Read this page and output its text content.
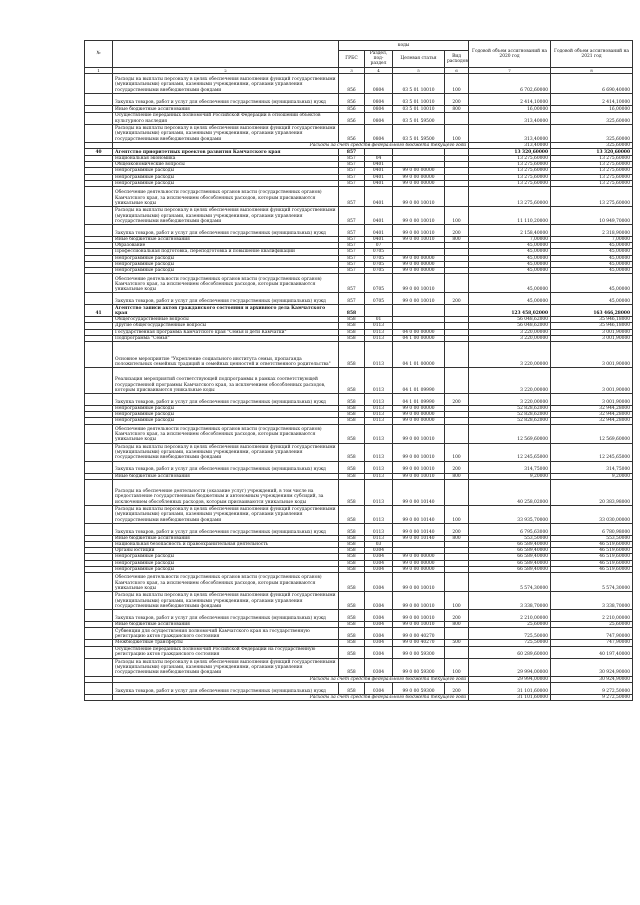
№		коды				Годовой объем ассигнований на 2020 год	Годовой объем ассигнований на 2021 год
		ГРБС	Раздел, под-раздел	Целевая статья	Вид расходов		
1	2	3	4	5	6	7	8
	Расходы на выплаты персоналу в целях обеспечения выполнения функций государственными (муниципальными) органами, казенными учреждениями, органами управления государственными внебюджетными фондами	856	0804	03 5 01 10010	100	6 702,60000	6 690,40000
	Закупка товаров, работ и услуг для обеспечения государственных (муниципальных) нужд	856	0804	03 5 01 10010	200	2 414,10000	2 414,10000
	Иные бюджетные ассигнования	856	0804	03 5 01 10010	800	16,00000	16,00000
	Осуществление переданных полномочий Российской Федерации в отношении объектов культурного наследия	856	0804	03 5 01 59500		313,40000	325,60000
	Расходы на выплаты персоналу в целях обеспечения выполнения функций государственными (муниципальными) органами, казенными учреждениями, органами управления государственными внебюджетными фондами	856	0804	03 5 01 59500	100	313,40000	325,60000
	Расходы за счет средств федерального бюджета текущего года					313,40000	325,60000
40	Агентство приоритетных проектов развития Камчатского края	857				13 320,60000	13 320,60000
	Национальная экономика	857	04			13 275,60000	13 275,60000
	Общеэкономические вопросы	857	0401			13 275,60000	13 275,60000
	Непрограммные расходы	857	0401	99 0 00 00000		13 275,60000	13 275,60000
	Непрограммные расходы	857	0401	99 0 00 00000		13 275,60000	13 275,60000
	Непрограммные расходы	857	0401	99 0 00 00000		13 275,60000	13 275,60000
	Обеспечение деятельности государственных органов власти (государственных органов) Камчатского края, за исключением обособленных расходов, которым присваиваются уникальные коды	857	0401	99 0 00 10010		13 275,60000	13 275,60000
	Расходы на выплаты персоналу в целях обеспечения выполнения функций государственными (муниципальными) органами, казенными учреждениями, органами управления государственными внебюджетными фондами	857	0401	99 0 00 10010	100	11 110,20000	10 949,70000
	Закупка товаров, работ и услуг для обеспечения государственных (муниципальных) нужд	857	0401	99 0 00 10010	200	2 158,40000	2 318,90000
	Иные бюджетные ассигнования	857	0401	99 0 00 10010	800	7,00000	7,00000
	Образование	857	07			45,00000	45,00000
	Профессиональная подготовка, переподготовка и повышение квалификации	857	0705			45,00000	45,00000
	Непрограммные расходы	857	0705	99 0 00 00000		45,00000	45,00000
	Непрограммные расходы	857	0705	99 0 00 00000		45,00000	45,00000
	Непрограммные расходы	857	0705	99 0 00 00000		45,00000	45,00000
	Обеспечение деятельности государственных органов власти (государственных органов) Камчатского края, за исключением обособленных расходов, которым присваиваются уникальные коды	857	0705	99 0 00 10010		45,00000	45,00000
	Закупка товаров, работ и услуг для обеспечения государственных (муниципальных) нужд	857	0705	99 0 00 10010	200	45,00000	45,00000
41	Агентство записи актов гражданского состояния и архивного дела Камчатского края	858				123 458,02000	163 466,28000
	Общегосударственные вопросы	858	01			56 048,62000	35 946,18000
	Другие общегосударственные вопросы	858	0113			56 048,62000	35 946,18000
	Государственная программа Камчатского края "Семья и дети Камчатки"	858	0113	04 0 00 00000		3 220,00000	3 001,90000
	Подпрограмма "Семья"	858	0113	04 1 00 00000		3 220,00000	3 001,90000
	Основное мероприятие "Укрепление социального института семьи, пропаганда положительных семейных традиций и семейных ценностей и ответственного родительства"	858	0113	04 1 01 00000		3 220,00000	3 001,90000
	Реализация мероприятий соответствующей подпрограммы в рамках соответствующей государственной программы Камчатского края, за исключением обособленных расходов, которым присваиваются уникальные коды	858	0113	04 1 01 09990		3 220,00000	3 001,90000
	Закупка товаров, работ и услуг для обеспечения государственных (муниципальных) нужд	858	0113	04 1 01 09990	200	3 220,00000	3 001,90000
	Непрограммные расходы	858	0113	99 0 00 00000		52 828,62000	32 944,28000
	Непрограммные расходы	858	0113	99 0 00 00000		52 828,62000	32 944,28000
	Непрограммные расходы	858	0113	99 0 00 00000		52 828,62000	32 944,28000
	Обеспечение деятельности государственных органов власти (государственных органов) Камчатского края, за исключением обособленных расходов, которым присваиваются уникальные коды	858	0113	99 0 00 10010		12 569,60000	12 569,60000
	Расходы на выплаты персоналу в целях обеспечения выполнения функций государственными (муниципальными) органами, казенными учреждениями, органами управления государственными внебюджетными фондами	858	0113	99 0 00 10010	100	12 245,65000	12 245,65000
	Закупка товаров, работ и услуг для обеспечения государственных (муниципальных) нужд	858	0113	99 0 00 10010	200	314,75000	314,75000
	Иные бюджетные ассигнования	858	0113	99 0 00 10010	800	9,20000	9,20000
	Расходы на обеспечение деятельности (оказание услуг) учреждений, в том числе на предоставление государственным бюджетным и автономным учреждениям субсидий, за исключением обособленных расходов, которым присваиваются уникальные коды	858	0113	99 0 00 10140		40 258,02000	20 383,98000
	Расходы на выплаты персоналу в целях обеспечения выполнения функций государственными (муниципальными) органами, казенными учреждениями, органами управления государственными внебюджетными фондами	858	0113	99 0 00 10140	100	33 935,70000	33 030,00000
	Закупка товаров, работ и услуг для обеспечения государственных (муниципальных) нужд	858	0113	99 0 00 10140	200	6 795,63000	6 780,98000
	Иные бюджетные ассигнования	858	0113	99 0 00 10140	800	553,50000	553,50000
	Национальная безопасность и правоохранительная деятельность	858	03			66 589,40000	46 519,60000
	Органы юстиции	858	0304			66 589,40000	46 519,60000
	Непрограммные расходы	858	0304	99 0 00 00000		66 589,40000	46 519,60000
	Непрограммные расходы	858	0304	99 0 00 00000		66 589,40000	46 519,60000
	Непрограммные расходы	858	0304	99 0 00 00000		66 589,40000	46 519,60000
	Обеспечение деятельности государственных органов власти (государственных органов) Камчатского края, за исключением обособленных расходов, которым присваиваются уникальные коды	858	0304	99 0 00 10010		5 574,30000	5 574,30000
	Расходы на выплаты персоналу в целях обеспечения выполнения функций государственными (муниципальными) органами, казенными учреждениями, органами управления государственными внебюджетными фондами	858	0304	99 0 00 10010	100	3 338,70000	3 338,70000
	Закупка товаров, работ и услуг для обеспечения государственных (муниципальных) нужд	858	0304	99 0 00 10010	200	2 210,00000	2 210,00000
	Иные бюджетные ассигнования	858	0304	99 0 00 10010	800	25,60000	25,60000
	Субвенции для осуществления полномочий Камчатского края на государственную регистрацию актов гражданского состояния	858	0304	99 0 00 40270		725,50000	747,90000
	Межбюджетные трансферты	858	0304	99 0 00 40270	500	725,50000	747,90000
	Осуществление переданных полномочий Российской Федерации на государственную регистрацию актов гражданского состояния	858	0304	99 0 00 59300		60 289,60000	40 197,40000
	Расходы на выплаты персоналу в целях обеспечения выполнения функций государственными (муниципальными) органами, казенными учреждениями, органами управления государственными внебюджетными фондами	858	0304	99 0 00 59300	100	29 994,00000	30 924,90000
	Расходы за счет средств федерального бюджета текущего года					29 994,00000	30 924,90000
	Закупка товаров, работ и услуг для обеспечения государственных (муниципальных) нужд	858	0304	99 0 00 59300	200	31 101,60000	9 272,50000
	Расходы за счет средств федерального бюджета текущего года					31 101,60000	9 272,50000
